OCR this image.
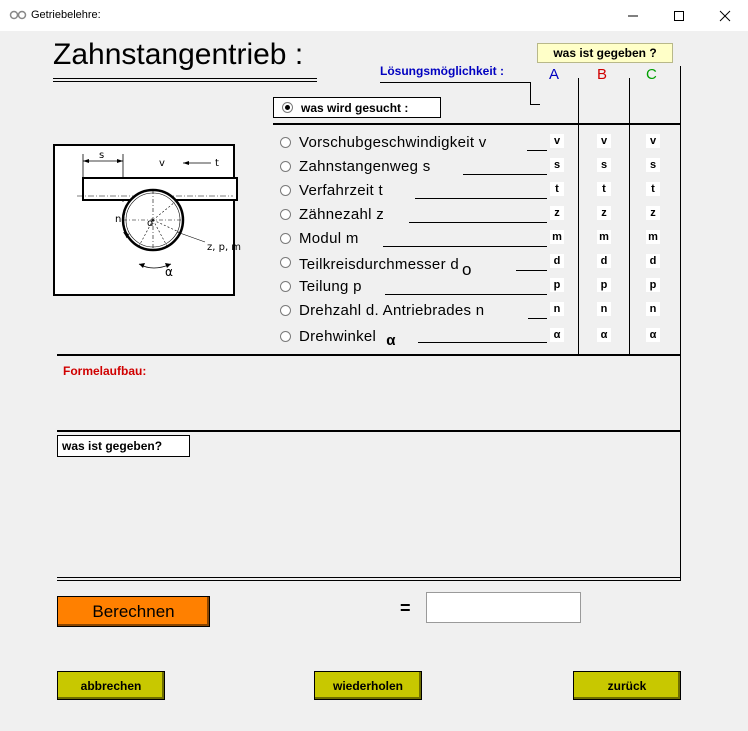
Getriebelehre:
Zahnstangentrieb :	was ist gegeben ?
Lösungsmöglichkeit :	A	B	C
was wird gesucht :
Vorschubgeschwindigkeit v	v	v	v
Zahnstangenweg s	s	s	s
Verfahrzeit t	t	t	t
Zähnezahl z	z	z	z
Modul m	m	m	m
Teilkreisdurchmesser d o	d	d	d
Teilung p	p	p	p
Drehzahl d. Antriebrades n	n	n	n
Drehwinkel α	α	α	α
s
v	t
d
n
z, p, m
α
Formelaufbau:
was ist gegeben?
Berechnen	=
abbrechen	wiederholen	zurück
